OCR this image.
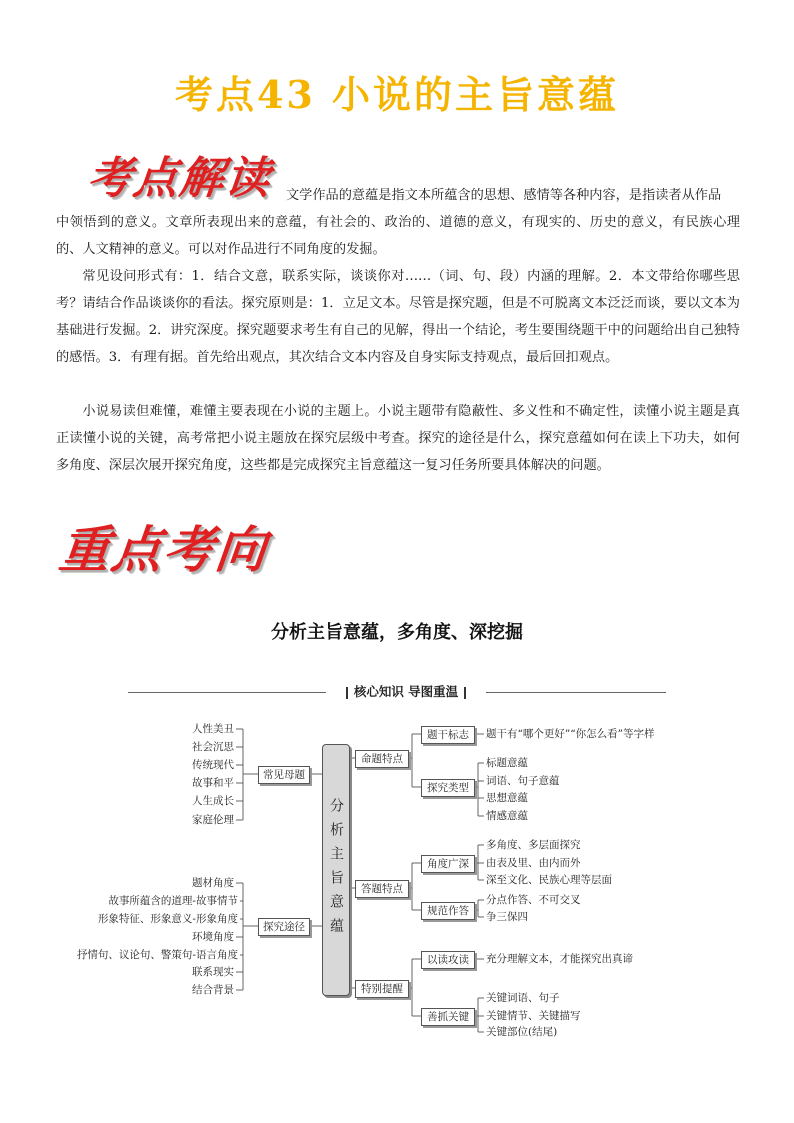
考点43 小说的主旨意蕴
考点解读 文学作品的意蕴是指文本所蕴含的思想、感情等各种内容，是指读者从作品
中领悟到的意义。文章所表现出来的意蕴，有社会的、政治的、道德的意义，有现实的、历史的意义，有民族心理的、人文精神的意义。可以对作品进行不同角度的发掘。
常见设问形式有：1．结合文意，联系实际，谈谈你对……（词、句、段）内涵的理解。2．本文带给你哪些思考？请结合作品谈谈你的看法。探究原则是：1．立足文本。尽管是探究题，但是不可脱离文本泛泛而谈，要以文本为基础进行发掘。2．讲究深度。探究题要求考生有自己的见解，得出一个结论，考生要围绕题干中的问题给出自己独特的感悟。3．有理有据。首先给出观点，其次结合文本内容及自身实际支持观点，最后回扣观点。
小说易读但难懂，难懂主要表现在小说的主题上。小说主题带有隐蔽性、多义性和不确定性，读懂小说主题是真正读懂小说的关键，高考常把小说主题放在探究层级中考查。探究的途径是什么，探究意蕴如何在读上下功夫，如何多角度、深层次展开探究角度，这些都是完成探究主旨意蕴这一复习任务所要具体解决的问题。
重点考向
分析主旨意蕴，多角度、深挖掘
核心知识 导图重温
人性美丑
社会沉思
传统现代
故事和平
人生成长
家庭伦理
常见母题
题材角度
故事所蕴含的道理-故事情节
形象特征、形象意义-形象角度
环境角度
抒情句、议论句、警策句-语言角度
联系现实
结合背景
探究途径	分析主旨意蕴
命题特点
答题特点
特别提醒
题干标志
探究类型
角度广深
规范作答
以读攻读
善抓关键
题干有“哪个更好”“你怎么看”等字样
标题意蕴
词语、句子意蕴
思想意蕴
情感意蕴
多角度、多层面探究
由表及里、由内而外
深至文化、民族心理等层面
分点作答、不可交叉
争三保四
充分理解文本，才能探究出真谛
关键词语、句子
关键情节、关键描写
关键部位(结尾)
